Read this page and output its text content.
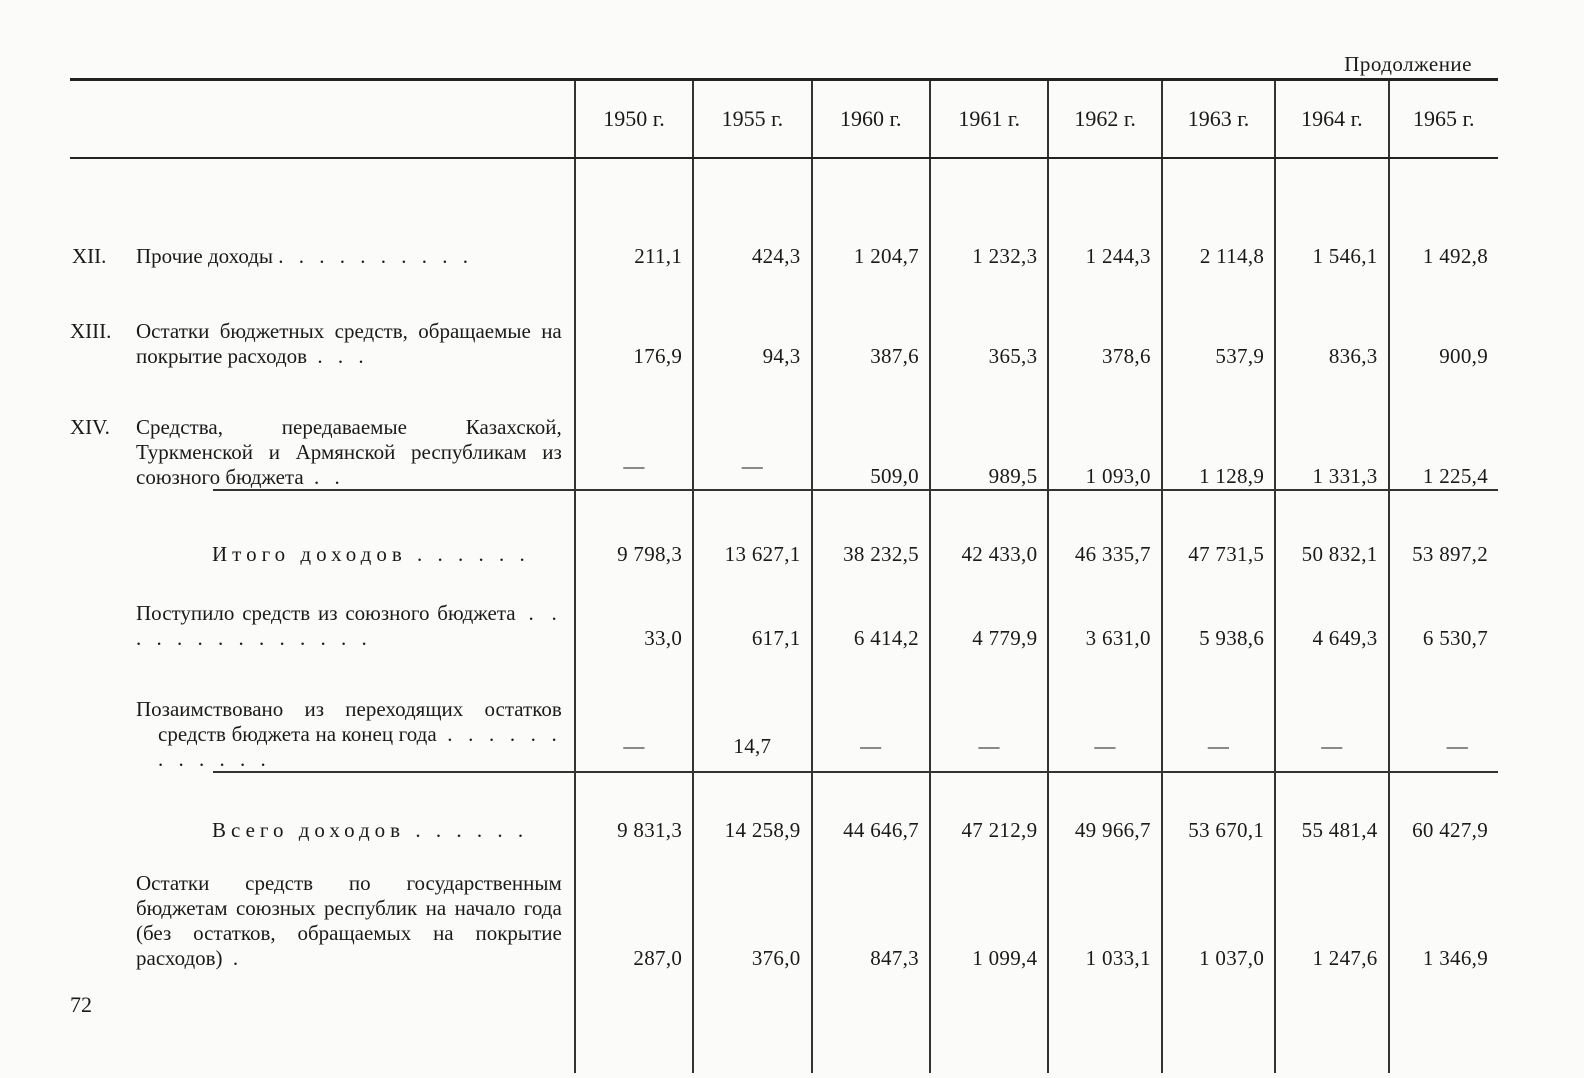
Продолжение
	1950 г.	1955 г.	1960 г.	1961 г.	1962 г.	1963 г.	1964 г.	1965 г.

XII. Прочие доходы . . . . . . . . . .	211,1	424,3	1 204,7	1 232,3	1 244,3	2 114,8	1 546,1	1 492,8

XIII. Остатки бюджетных средств, обращаемые на покрытие расходов . . .	176,9	94,3	387,6	365,3	378,6	537,9	836,3	900,9

XIV. Средства, передаваемые Казахской, Туркменской и Армянской республикам из союзного бюджета . .	—	—	509,0	989,5	1 093,0	1 128,9	1 331,3	1 225,4

Итого доходов . . . . . .	9 798,3	13 627,1	38 232,5	42 433,0	46 335,7	47 731,5	50 832,1	53 897,2

Поступило средств из союзного бюджета . . . . . . . . . . . . . .	33,0	617,1	6 414,2	4 779,9	3 631,0	5 938,6	4 649,3	6 530,7

Позаимствовано из переходящих остатков средств бюджета на конец года . . . . . . . . . . . .	—	14,7	—	—	—	—	—	—

Всего доходов . . . . . .	9 831,3	14 258,9	44 646,7	47 212,9	49 966,7	53 670,1	55 481,4	60 427,9

Остатки средств по государственным бюджетам союзных республик на начало года (без остатков, обращаемых на покрытие расходов) .	287,0	376,0	847,3	1 099,4	1 033,1	1 037,0	1 247,6	1 346,9

72
